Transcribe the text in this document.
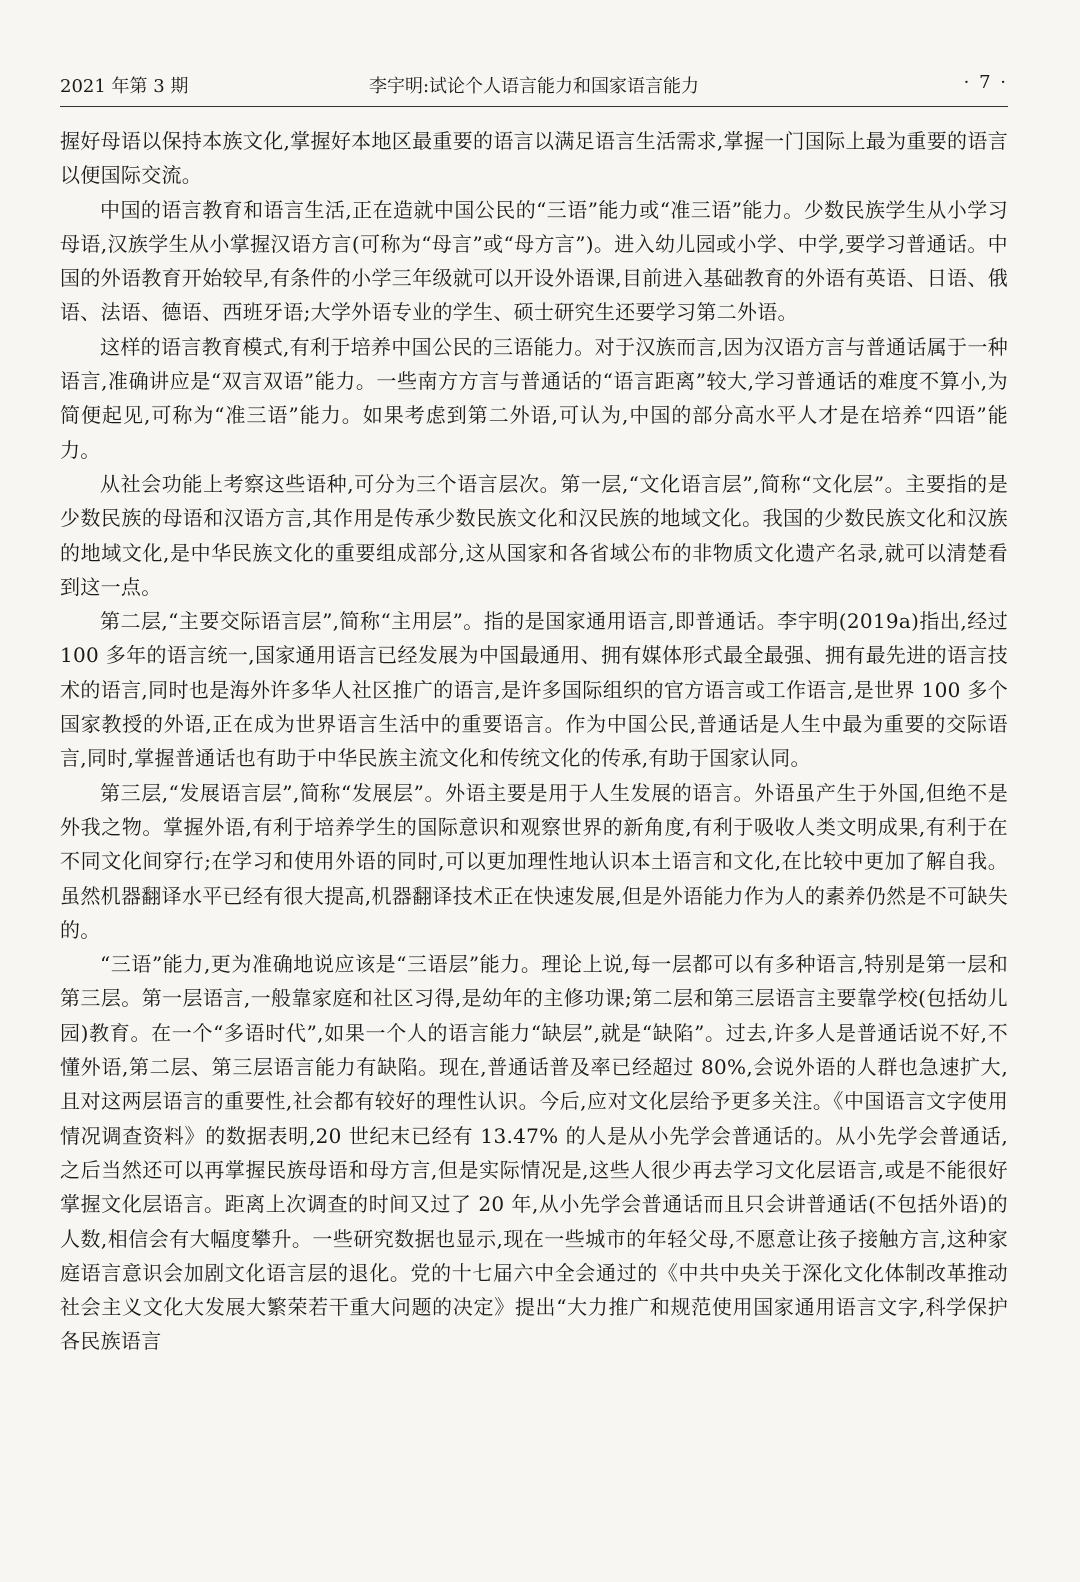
2021 年第 3 期	李宇明:试论个人语言能力和国家语言能力	· 7 ·

握好母语以保持本族文化,掌握好本地区最重要的语言以满足语言生活需求,掌握一门国际上最为重要的语言以便国际交流。

中国的语言教育和语言生活,正在造就中国公民的“三语”能力或“准三语”能力。少数民族学生从小学习母语,汉族学生从小掌握汉语方言(可称为“母言”或“母方言”)。进入幼儿园或小学、中学,要学习普通话。中国的外语教育开始较早,有条件的小学三年级就可以开设外语课,目前进入基础教育的外语有英语、日语、俄语、法语、德语、西班牙语;大学外语专业的学生、硕士研究生还要学习第二外语。

这样的语言教育模式,有利于培养中国公民的三语能力。对于汉族而言,因为汉语方言与普通话属于一种语言,准确讲应是“双言双语”能力。一些南方方言与普通话的“语言距离”较大,学习普通话的难度不算小,为简便起见,可称为“准三语”能力。如果考虑到第二外语,可认为,中国的部分高水平人才是在培养“四语”能力。

从社会功能上考察这些语种,可分为三个语言层次。第一层,“文化语言层”,简称“文化层”。主要指的是少数民族的母语和汉语方言,其作用是传承少数民族文化和汉民族的地域文化。我国的少数民族文化和汉族的地域文化,是中华民族文化的重要组成部分,这从国家和各省域公布的非物质文化遗产名录,就可以清楚看到这一点。

第二层,“主要交际语言层”,简称“主用层”。指的是国家通用语言,即普通话。李宇明(2019a)指出,经过 100 多年的语言统一,国家通用语言已经发展为中国最通用、拥有媒体形式最全最强、拥有最先进的语言技术的语言,同时也是海外许多华人社区推广的语言,是许多国际组织的官方语言或工作语言,是世界 100 多个国家教授的外语,正在成为世界语言生活中的重要语言。作为中国公民,普通话是人生中最为重要的交际语言,同时,掌握普通话也有助于中华民族主流文化和传统文化的传承,有助于国家认同。

第三层,“发展语言层”,简称“发展层”。外语主要是用于人生发展的语言。外语虽产生于外国,但绝不是外我之物。掌握外语,有利于培养学生的国际意识和观察世界的新角度,有利于吸收人类文明成果,有利于在不同文化间穿行;在学习和使用外语的同时,可以更加理性地认识本土语言和文化,在比较中更加了解自我。虽然机器翻译水平已经有很大提高,机器翻译技术正在快速发展,但是外语能力作为人的素养仍然是不可缺失的。

“三语”能力,更为准确地说应该是“三语层”能力。理论上说,每一层都可以有多种语言,特别是第一层和第三层。第一层语言,一般靠家庭和社区习得,是幼年的主修功课;第二层和第三层语言主要靠学校(包括幼儿园)教育。在一个“多语时代”,如果一个人的语言能力“缺层”,就是“缺陷”。过去,许多人是普通话说不好,不懂外语,第二层、第三层语言能力有缺陷。现在,普通话普及率已经超过 80%,会说外语的人群也急速扩大,且对这两层语言的重要性,社会都有较好的理性认识。今后,应对文化层给予更多关注。《中国语言文字使用情况调查资料》的数据表明,20 世纪末已经有 13.47% 的人是从小先学会普通话的。从小先学会普通话,之后当然还可以再掌握民族母语和母方言,但是实际情况是,这些人很少再去学习文化层语言,或是不能很好掌握文化层语言。距离上次调查的时间又过了 20 年,从小先学会普通话而且只会讲普通话(不包括外语)的人数,相信会有大幅度攀升。一些研究数据也显示,现在一些城市的年轻父母,不愿意让孩子接触方言,这种家庭语言意识会加剧文化语言层的退化。党的十七届六中全会通过的《中共中央关于深化文化体制改革推动社会主义文化大发展大繁荣若干重大问题的决定》提出“大力推广和规范使用国家通用语言文字,科学保护各民族语言
